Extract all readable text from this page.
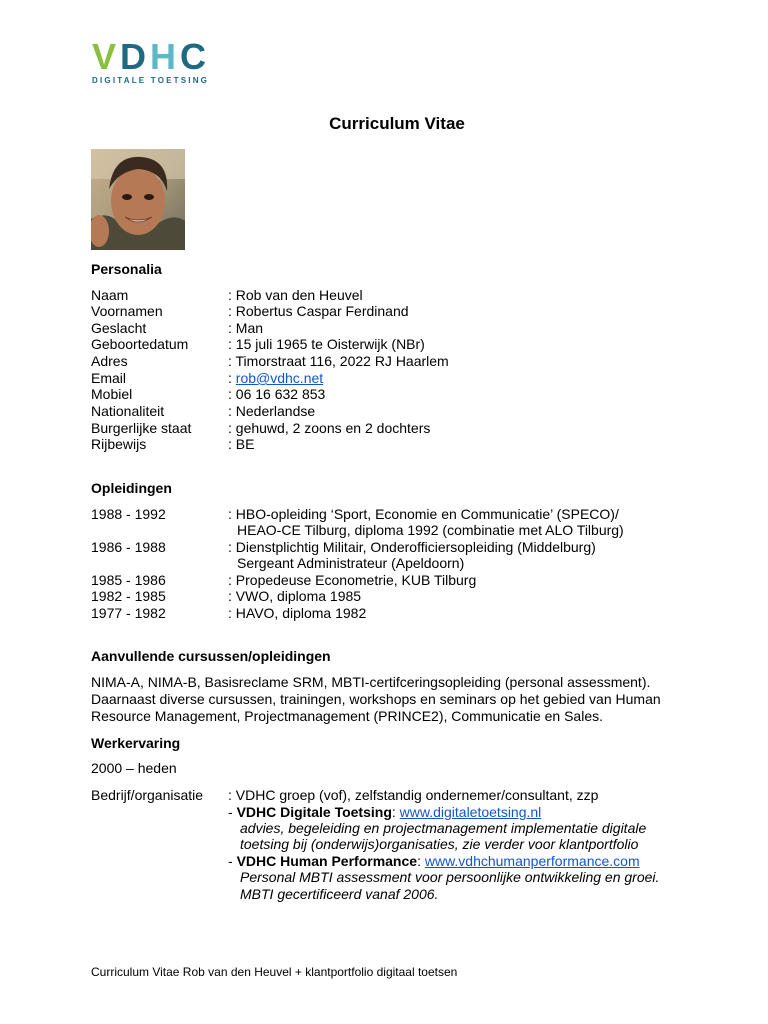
VDHC
DIGITALE TOETSING
Curriculum Vitae
Personalia
Naam	: Rob van den Heuvel
Voornamen	: Robertus Caspar Ferdinand
Geslacht	: Man
Geboortedatum	: 15 juli 1965 te Oisterwijk (NBr)
Adres	: Timorstraat 116, 2022 RJ Haarlem
Email	: rob@vdhc.net
Mobiel	: 06 16 632 853
Nationaliteit	: Nederlandse
Burgerlijke staat	: gehuwd, 2 zoons en 2 dochters
Rijbewijs	: BE
Opleidingen
1988 - 1992	: HBO-opleiding ‘Sport, Economie en Communicatie’ (SPECO)/
HEAO-CE Tilburg, diploma 1992 (combinatie met ALO Tilburg)
1986 - 1988	: Dienstplichtig Militair, Onderofficiersopleiding (Middelburg)
Sergeant Administrateur (Apeldoorn)
1985 - 1986	: Propedeuse Econometrie, KUB Tilburg
1982 - 1985	: VWO, diploma 1985
1977 - 1982	: HAVO, diploma 1982
Aanvullende cursussen/opleidingen
NIMA-A, NIMA-B, Basisreclame SRM, MBTI-certifceringsopleiding (personal assessment).
Daarnaast diverse cursussen, trainingen, workshops en seminars op het gebied van Human
Resource Management, Projectmanagement (PRINCE2), Communicatie en Sales.
Werkervaring
2000 – heden
Bedrijf/organisatie : VDHC groep (vof), zelfstandig ondernemer/consultant, zzp
- VDHC Digitale Toetsing: www.digitaletoetsing.nl
advies, begeleiding en projectmanagement implementatie digitale
toetsing bij (onderwijs)organisaties, zie verder voor klantportfolio
- VDHC Human Performance: www.vdhchumanperformance.com
Personal MBTI assessment voor persoonlijke ontwikkeling en groei.
MBTI gecertificeerd vanaf 2006.
Curriculum Vitae Rob van den Heuvel + klantportfolio digitaal toetsen
